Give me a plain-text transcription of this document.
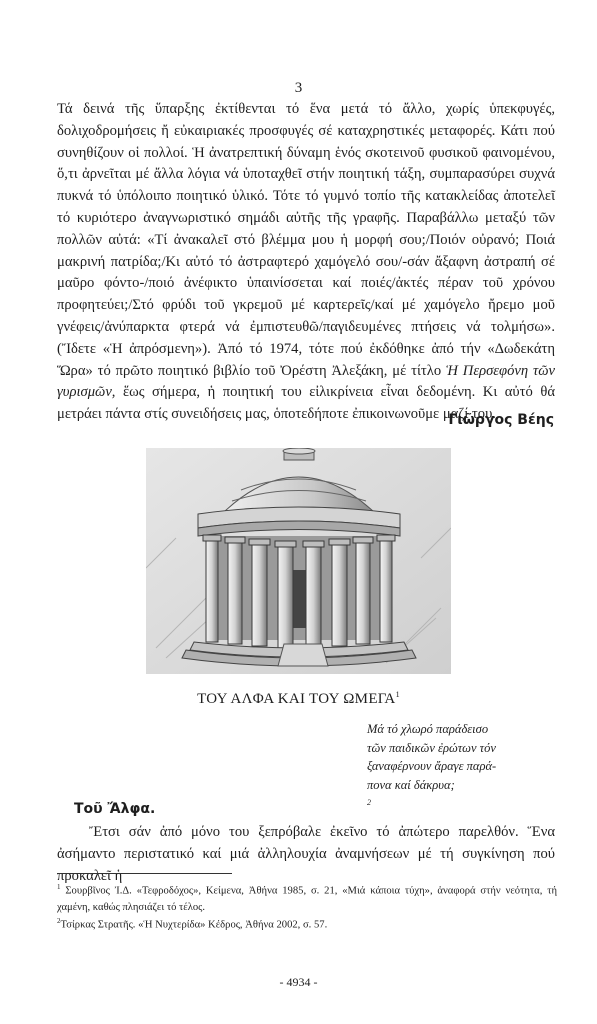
3

Τά δεινά τῆς ὕπαρξης ἐκτίθενται τό ἕνα μετά τό ἄλλο, χωρίς ὑπεκφυγές, δολιχοδρομήσεις ἤ εὐκαιριακές προσφυγές σέ καταχρηστικές μεταφορές. Κάτι πού συνηθίζουν οἱ πολλοί. Ἡ ἀνατρεπτική δύναμη ἑνός σκοτεινοῦ φυσικοῦ φαινομένου, ὅ,τι ἀρνεῖται μέ ἄλλα λόγια νά ὑποταχθεῖ στήν ποιητική τάξη, συμπαρασύρει συχνά πυκνά τό ὑπόλοιπο ποιητικό ὑλικό. Τότε τό γυμνό τοπίο τῆς κατακλείδας ἀποτελεῖ τό κυριότερο ἀναγνωριστικό σημάδι αὐτῆς τῆς γραφῆς. Παραβάλλω μεταξύ τῶν πολλῶν αὐτά: «Τί ἀνακαλεῖ στό βλέμμα μου ἡ μορφή σου;/Ποιόν οὐρανό; Ποιά μακρινή πατρίδα;/Κι αὐτό τό ἀστραφτερό χαμόγελό σου/-σάν ἄξαφνη ἀστραπή σέ μαῦρο φόντο-/ποιό ἀνέφικτο ὑπαινίσσεται καί ποιές/ἀκτές πέραν τοῦ χρόνου προφητεύει;/Στό φρύδι τοῦ γκρεμοῦ μέ καρτερεῖς/καί μέ χαμόγελο ἤρεμο μοῦ γνέφεις/ἀνύπαρκτα φτερά νά ἐμπιστευθῶ/παγιδευμένες πτήσεις νά τολμήσω». (Ἴδετε «Ἡ ἀπρόσμενη»). Ἀπό τό 1974, τότε πού ἐκδόθηκε ἀπό τήν «Δωδεκάτη Ὥρα» τό πρῶτο ποιητικό βιβλίο τοῦ Ὀρέστη Ἀλεξάκη, μέ τίτλο Ἡ Περσεφόνη τῶν γυρισμῶν, ἕως σήμερα, ἡ ποιητική του εἰλικρίνεια εἶναι δεδομένη. Κι αὐτό θά μετράει πάντα στίς συνειδήσεις μας, ὁποτεδήποτε ἐπικοινωνοῦμε μαζί του.

Γιῶργος Βέης
ΤΟΥ ΑΛΦΑ ΚΑΙ ΤΟΥ ΩΜΕΓΑ$^1$
Μά τό χλωρό παράδεισο
τῶν παιδικῶν ἐρώτων τόν
ξαναφέρνουν ἄραγε παρά-
πονα καί δάκρυα;
$^2$
Τοῦ Ἄλφα.

Ἔτσι σάν ἀπό μόνο του ξεπρόβαλε ἐκεῖνο τό ἀπώτερο παρελθόν. Ἕνα ἀσήμαντο περιστατικό καί μιά ἀλληλουχία ἀναμνήσεων μέ τή συγκίνηση πού προκαλεῖ ἡ

$^1$ Σουρβῖνος Ἰ.Δ. «Τεφροδόχος», Κείμενα, Ἀθήνα 1985, σ. 21, «Μιά κάποια τύχη», ἀναφορά στήν νεότητα, τή χαμένη, καθώς πλησιάζει τό τέλος.

$^2$Τσίρκας Στρατῆς. «Ἡ Νυχτερίδα» Κέδρος, Ἀθήνα 2002, σ. 57.

- 4934 -
